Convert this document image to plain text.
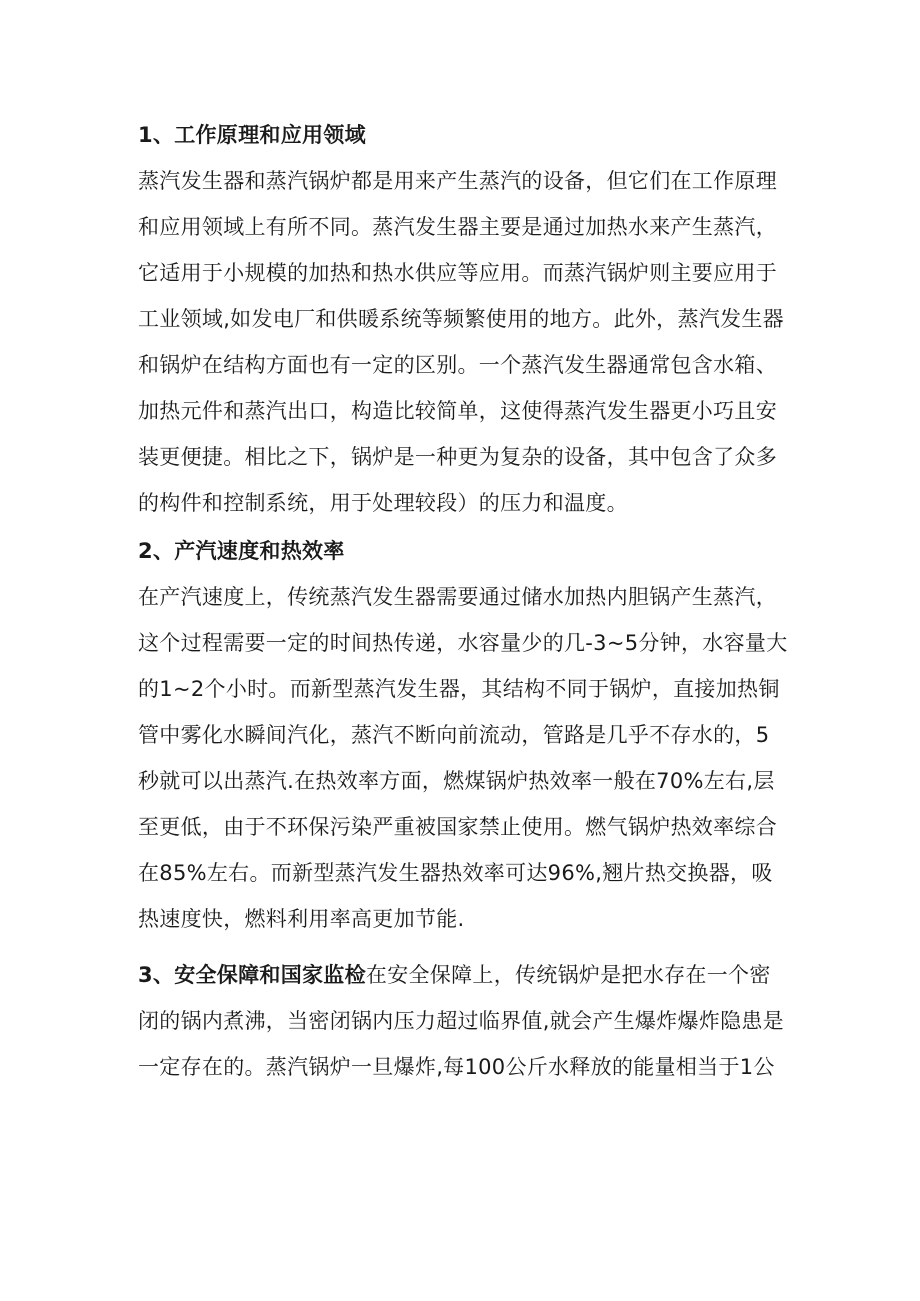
1、工作原理和应用领域

蒸汽发生器和蒸汽锅炉都是用来产生蒸汽的设备，但它们在工作原理

和应用领域上有所不同。蒸汽发生器主要是通过加热水来产生蒸汽，

它适用于小规模的加热和热水供应等应用。而蒸汽锅炉则主要应用于

工业领域,如发电厂和供暖系统等频繁使用的地方。此外，蒸汽发生器

和锅炉在结构方面也有一定的区别。一个蒸汽发生器通常包含水箱、

加热元件和蒸汽出口，构造比较简单，这使得蒸汽发生器更小巧且安

装更便捷。相比之下，锅炉是一种更为复杂的设备，其中包含了众多

的构件和控制系统，用于处理较段）的压力和温度。

2、产汽速度和热效率

在产汽速度上，传统蒸汽发生器需要通过储水加热内胆锅产生蒸汽，

这个过程需要一定的时间热传递，水容量少的几-3~5分钟，水容量大

的1~2个小时。而新型蒸汽发生器，其结构不同于锅炉，直接加热铜

管中雾化水瞬间汽化，蒸汽不断向前流动，管路是几乎不存水的，5

秒就可以出蒸汽.在热效率方面，燃煤锅炉热效率一般在70%左右,层

至更低，由于不环保污染严重被国家禁止使用。燃气锅炉热效率综合

在85%左右。而新型蒸汽发生器热效率可达96%,翘片热交换器，吸

热速度快，燃料利用率高更加节能.

3、安全保障和国家监检在安全保障上，传统锅炉是把水存在一个密

闭的锅内煮沸，当密闭锅内压力超过临界值,就会产生爆炸爆炸隐患是

一定存在的。蒸汽锅炉一旦爆炸,每100公斤水释放的能量相当于1公
